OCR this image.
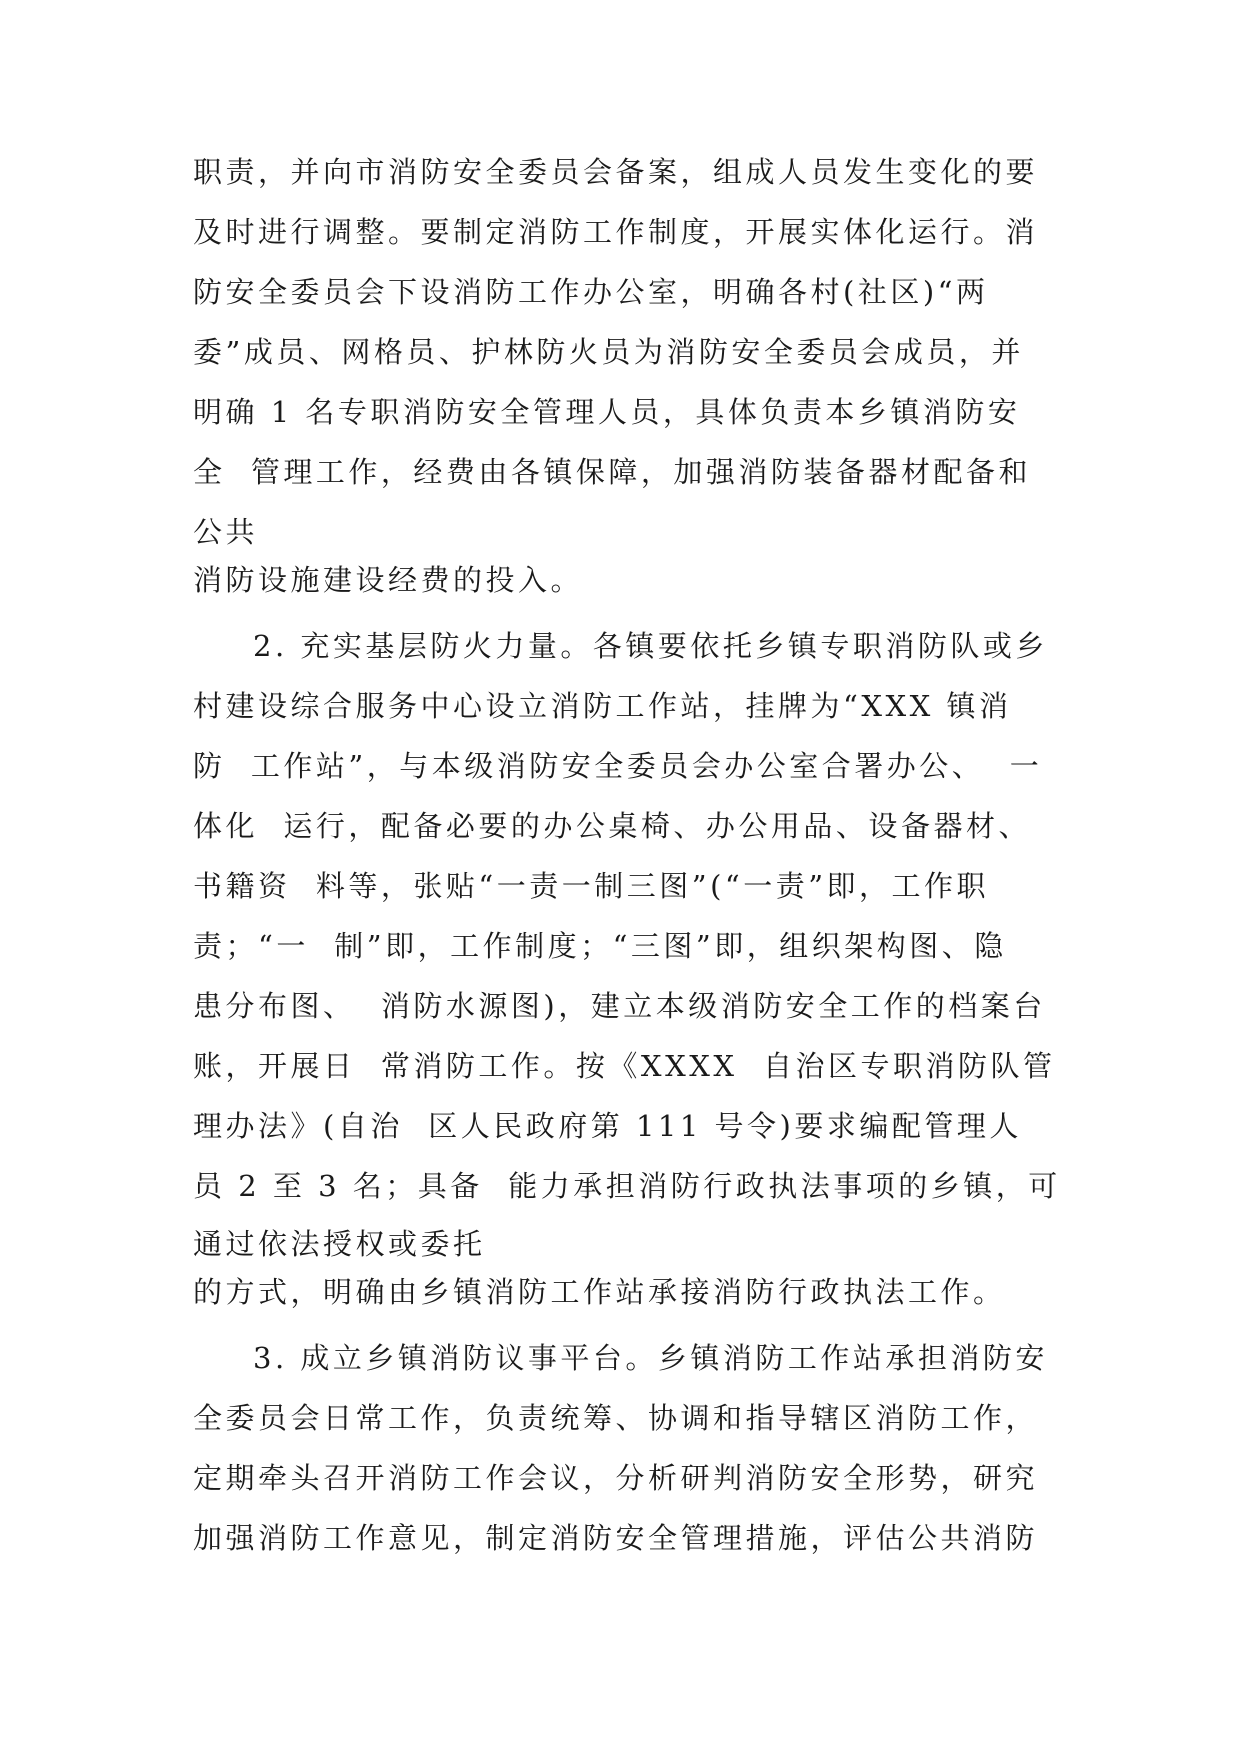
职责，并向市消防安全委员会备案，组成人员发生变化的要
及时进行调整。要制定消防工作制度，开展实体化运行。消
防安全委员会下设消防工作办公室，明确各村(社区)“两
委”成员、网格员、护林防火员为消防安全委员会成员，并
明确 1 名专职消防安全管理人员，具体负责本乡镇消防安
全  管理工作，经费由各镇保障，加强消防装备器材配备和
公共
消防设施建设经费的投入。
2. 充实基层防火力量。各镇要依托乡镇专职消防队或乡
村建设综合服务中心设立消防工作站，挂牌为“XXX 镇消
防  工作站”，与本级消防安全委员会办公室合署办公、  一
体化  运行，配备必要的办公桌椅、办公用品、设备器材、
书籍资  料等，张贴“一责一制三图”(“一责”即，工作职
责；“一  制”即，工作制度；“三图”即，组织架构图、隐
患分布图、  消防水源图)，建立本级消防安全工作的档案台
账，开展日  常消防工作。按《XXXX  自治区专职消防队管
理办法》(自治  区人民政府第 111 号令)要求编配管理人
员 2 至 3 名；具备  能力承担消防行政执法事项的乡镇，可
通过依法授权或委托
的方式，明确由乡镇消防工作站承接消防行政执法工作。
3. 成立乡镇消防议事平台。乡镇消防工作站承担消防安
全委员会日常工作，负责统筹、协调和指导辖区消防工作，
定期牵头召开消防工作会议，分析研判消防安全形势，研究
加强消防工作意见，制定消防安全管理措施，评估公共消防
